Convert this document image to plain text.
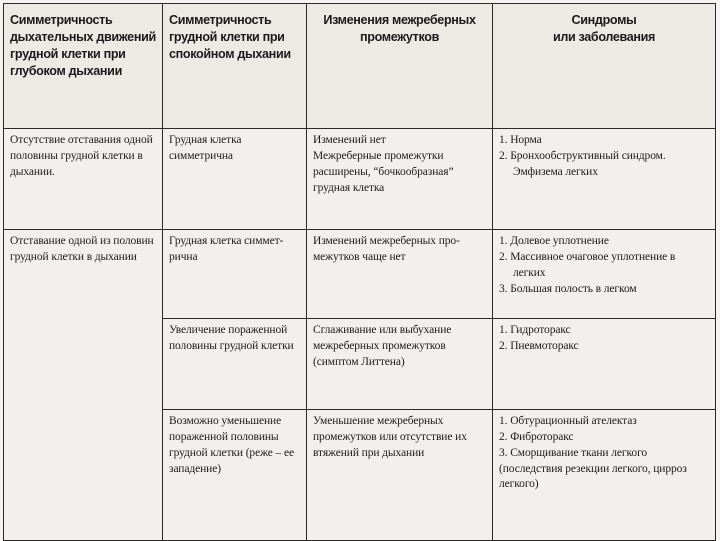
Симметричность
дыхательных движений
грудной клетки при
глубоком дыхании	Симметричность
грудной клетки при
спокойном дыхании	Изменения межреберных
промежутков	Синдромы
или заболевания

Отсутствие отставания одной
половины грудной клетки в
дыхании.	Грудная клетка
симметрична	Изменений нет
Межреберные промежутки
расширены, “бочкообразная”
грудная клетка	1. Норма
2. Бронхообструктивный синдром.
Эмфизема легких

Отставание одной из половин
грудной клетки в дыхании	Грудная клетка симмет-
рична	Изменений межреберных про-
межутков чаще нет	1. Долевое уплотнение
2. Массивное очаговое уплотнение в
легких
3. Большая полость в легком

	Увеличение пораженной
половины грудной клетки	Сглаживание или выбухание
межреберных промежутков
(симптом Литтена)	1. Гидроторакс
2. Пневмоторакс

	Возможно уменьшение
пораженной половины
грудной клетки (реже – ее
западение)	Уменьшение межреберных
промежутков или отсутствие их
втяжений при дыхании	1. Обтурационный ателектаз
2. Фиброторакс
3. Сморщивание ткани легкого
(последствия резекции легкого, цирроз
легкого)
